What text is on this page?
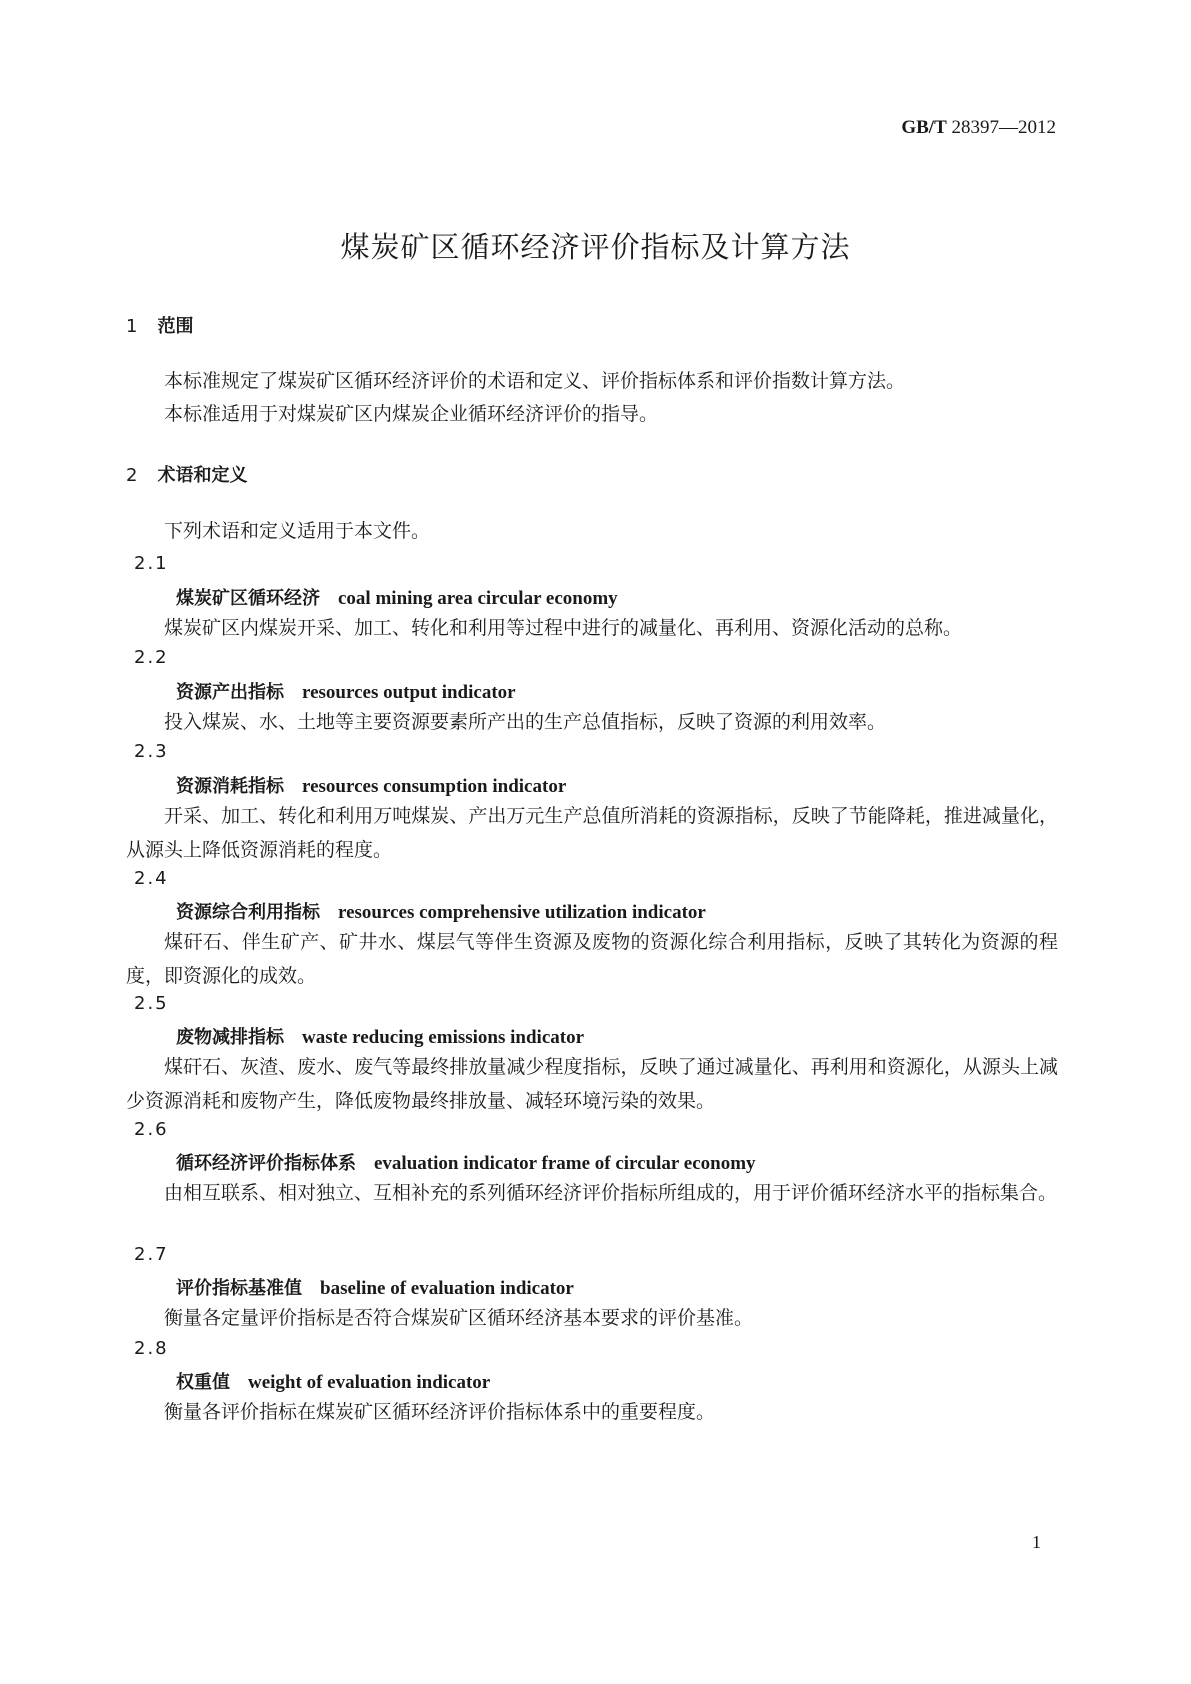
GB/T 28397—2012
煤炭矿区循环经济评价指标及计算方法
1 范围
本标准规定了煤炭矿区循环经济评价的术语和定义、评价指标体系和评价指数计算方法。
本标准适用于对煤炭矿区内煤炭企业循环经济评价的指导。
2 术语和定义
下列术语和定义适用于本文件。
2.1
煤炭矿区循环经济 coal mining area circular economy
煤炭矿区内煤炭开采、加工、转化和利用等过程中进行的减量化、再利用、资源化活动的总称。
2.2
资源产出指标 resources output indicator
投入煤炭、水、土地等主要资源要素所产出的生产总值指标，反映了资源的利用效率。
2.3
资源消耗指标 resources consumption indicator
开采、加工、转化和利用万吨煤炭、产出万元生产总值所消耗的资源指标，反映了节能降耗，推进减量化，从源头上降低资源消耗的程度。
2.4
资源综合利用指标 resources comprehensive utilization indicator
煤矸石、伴生矿产、矿井水、煤层气等伴生资源及废物的资源化综合利用指标，反映了其转化为资源的程度，即资源化的成效。
2.5
废物减排指标 waste reducing emissions indicator
煤矸石、灰渣、废水、废气等最终排放量减少程度指标，反映了通过减量化、再利用和资源化，从源头上减少资源消耗和废物产生，降低废物最终排放量、减轻环境污染的效果。
2.6
循环经济评价指标体系 evaluation indicator frame of circular economy
由相互联系、相对独立、互相补充的系列循环经济评价指标所组成的，用于评价循环经济水平的指标集合。
2.7
评价指标基准值 baseline of evaluation indicator
衡量各定量评价指标是否符合煤炭矿区循环经济基本要求的评价基准。
2.8
权重值 weight of evaluation indicator
衡量各评价指标在煤炭矿区循环经济评价指标体系中的重要程度。
1
